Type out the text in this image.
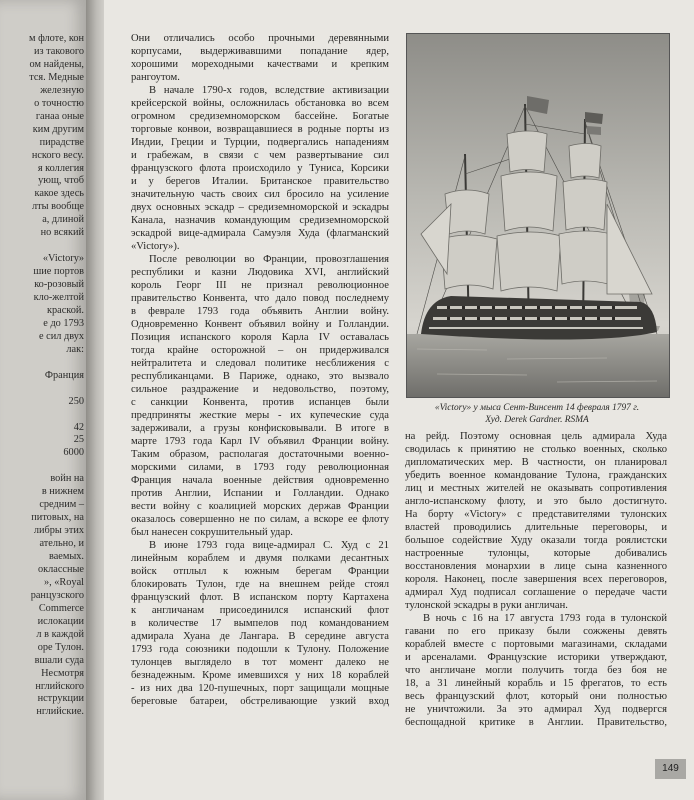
м флоте, кон
из такового
ом найдены,
тся. Медные
железную
о точностю
ганаа оные
ким другим
пирадстве
нского весу.
я коллегия
ующ, чтоб
какое здесь
лты вообще
а, длиной
но всякий
«Victory»
шие портов
ко-розовый
кло-желтой
краской.
е до 1793
е сил двух
лак:
Франция
250
42
25
6000
войн на
в нижнем
средним –
питовых, на
либры этих
ательно, и
ваемых.
оклассные
», «Royal
ранцузского
Commerce
ислокации
л в каждой
оре Тулон.
вшали суда
Несмотря
нглийского
нструкции
нглийские.
Они отличались особо прочными деревянными
корпусами, выдерживавшими попадание ядер,
хорошими мореходными качествами и крепким
рангоутом.
В начале 1790-х годов, вследствие активизации
крейсерской войны, осложнилась обстановка во всем
огромном средиземноморском бассейне. Богатые
торговые конвои, возвращавшиеся в родные порты из
Индии, Греции и Турции, подвергались нападениям
и грабежам, в связи с чем развертывание сил
французского флота происходило у Туниса, Корсики
и у берегов Италии. Британское правительство
значительную часть своих сил бросило на усиление
двух основных эскадр – средиземноморской и эскадры
Канала, назначив командующим средиземноморской
эскадрой вице-адмирала Самуэля Худа (флагманский
«Victory»).
После революции во Франции, провозглашения
республики и казни Людовика XVI, английский
король Георг III не признал революционное
правительство Конвента, что дало повод последнему
в феврале 1793 года объявить Англии войну.
Одновременно Конвент объявил войну и Голландии.
Позиция испанского короля Карла IV оставалась
тогда крайне осторожной – он придерживался
нейтралитета и следовал политике несближения с
республиканцами. В Париже, однако, это вызвало
сильное раздражение и недовольство, поэтому,
с санкции Конвента, против испанцев были
предприняты жесткие меры - их купеческие суда
задерживали, а грузы конфисковывали. В итоге в
марте 1793 года Карл IV объявил Франции войну.
Таким образом, располагая достаточными военно-
морскими силами, в 1793 году революционная
Франция начала военные действия одновременно
против Англии, Испании и Голландии. Однако
вести войну с коалицией морских держав Франции
оказалось совершенно не по силам, а вскоре ее флоту
был нанесен сокрушительный удар.
В июне 1793 года вице-адмирал С. Худ с 21
линейным кораблем и двумя полками десантных
войск отплыл к южным берегам Франции
блокировать Тулон, где на внешнем рейде стоял
французский флот. В испанском порту Картахена
к англичанам присоединился испанский флот
в количестве 17 вымпелов под командованием
адмирала Хуана де Лангара. В середине августа
1793 года союзники подошли к Тулону. Положение
тулонцев выглядело в тот момент далеко не
безнадежным. Кроме имевшихся у них 18 кораблей
- из них два 120-пушечных, порт защищали мощные
береговые батареи, обстреливающие узкий вход
на рейд. Поэтому основная цель адмирала Худа
сводилась к принятию не столько военных, сколько
дипломатических мер. В частности, он планировал
убедить военное командование Тулона, гражданских
лиц и местных жителей не оказывать сопротивления
англо-испанскому флоту, и это было достигнуто.
На борту «Victory» с представителями тулонских
властей проводились длительные переговоры, и
большое содействие Худу оказали тогда роялистски
настроенные тулонцы, которые добивались
восстановления монархии в лице сына казненного
короля. Наконец, после завершения всех переговоров,
адмирал Худ подписал соглашение о передаче части
тулонской эскадры в руки англичан.
В ночь с 16 на 17 августа 1793 года в тулонской
гавани по его приказу были сожжены девять
кораблей вместе с портовыми магазинами, складами
и арсеналами. Французские историки утверждают,
что англичане могли получить тогда без боя не
18, а 31 линейный корабль и 15 фрегатов, то есть
весь французский флот, который они полностью
не уничтожили. За это адмирал Худ подвергся
беспощадной критике в Англии. Правительство,
«Victory» у мыса Сент-Винсент 14 февраля 1797 г.
Худ. Derek Gardner. RSMA
149
